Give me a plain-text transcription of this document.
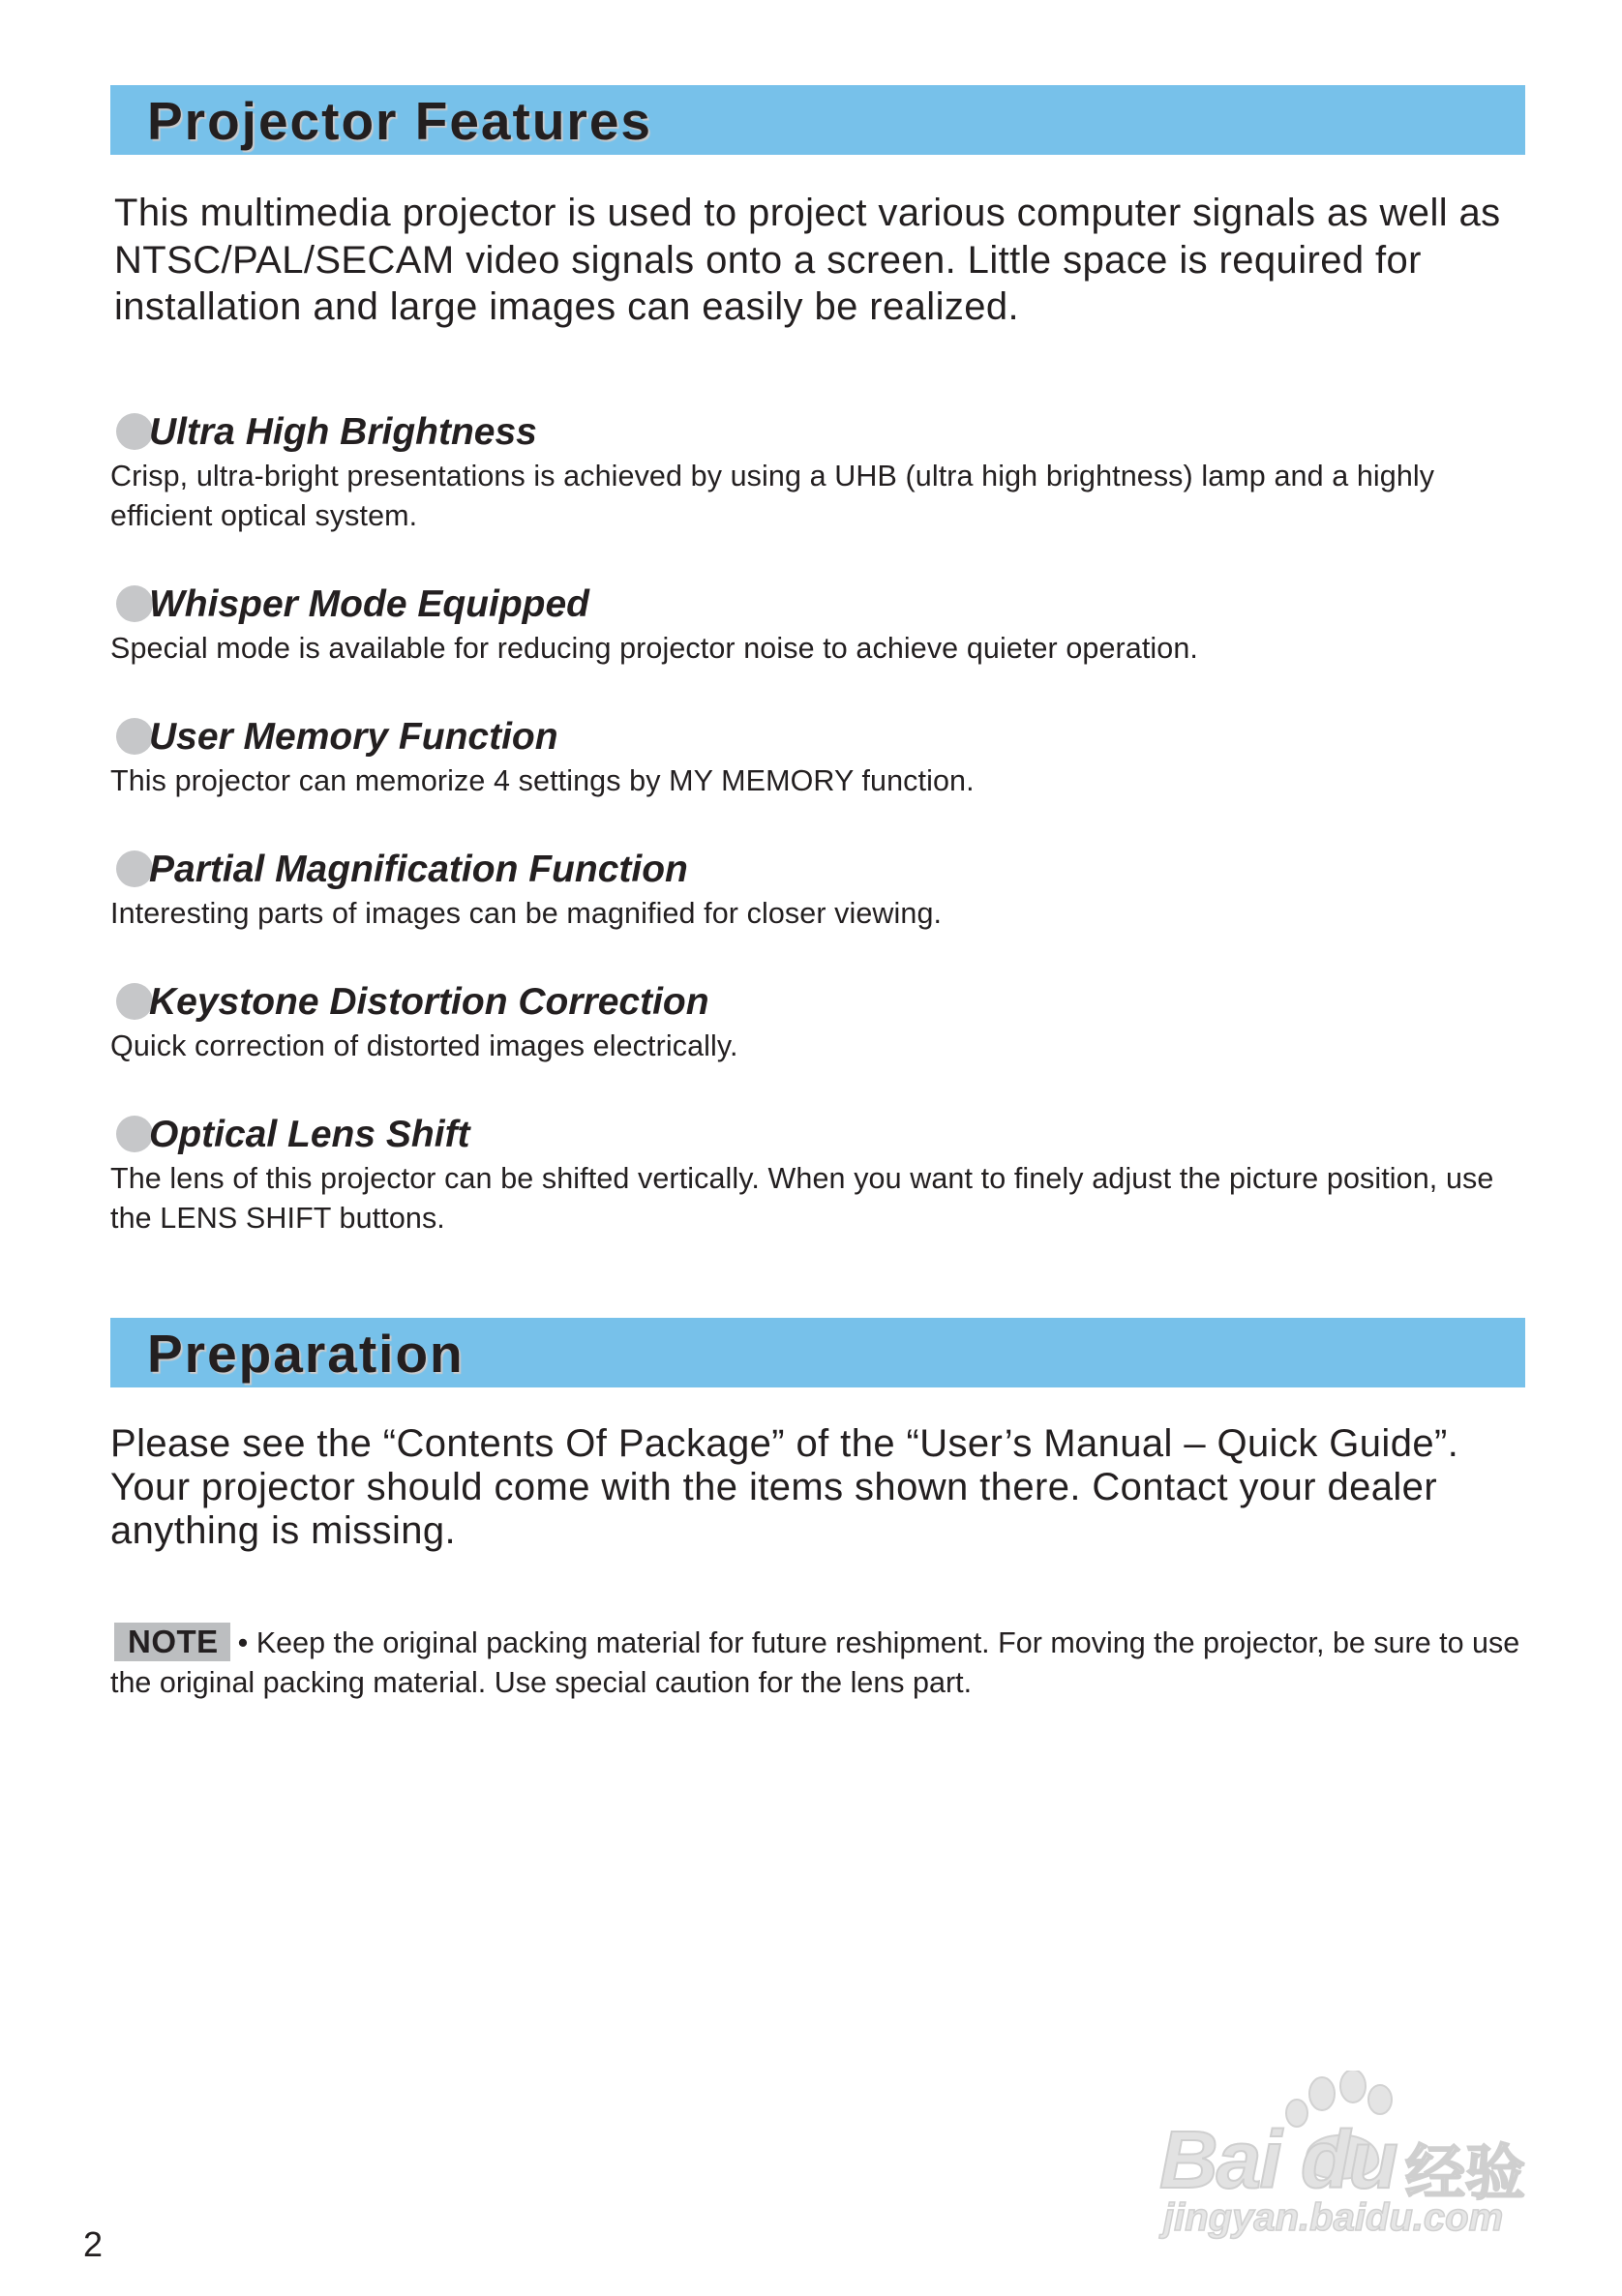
Projector Features

This multimedia projector is used to project various computer signals as well as NTSC/PAL/SECAM video signals onto a screen. Little space is required for installation and large images can easily be realized.

Ultra High Brightness

Crisp, ultra-bright presentations is achieved by using a UHB (ultra high brightness) lamp and a highly efficient optical system.

Whisper Mode Equipped

Special mode is available for reducing projector noise to achieve quieter operation.

User Memory Function

This projector can memorize 4 settings by MY MEMORY function.

Partial Magnification Function

Interesting parts of images can be magnified for closer viewing.

Keystone Distortion Correction

Quick correction of distorted images electrically.

Optical Lens Shift

The lens of this projector can be shifted vertically. When you want to finely adjust the picture position, use the LENS SHIFT buttons.

Preparation

Please see the “Contents Of Package” of the “User’s Manual – Quick Guide”. Your projector should come with the items shown there. Contact your dealer anything is missing.

NOTE • Keep the original packing material for future reshipment. For moving the projector, be sure to use the original packing material. Use special caution for the lens part.

2
Bai du 经验
jingyan.baidu.com
